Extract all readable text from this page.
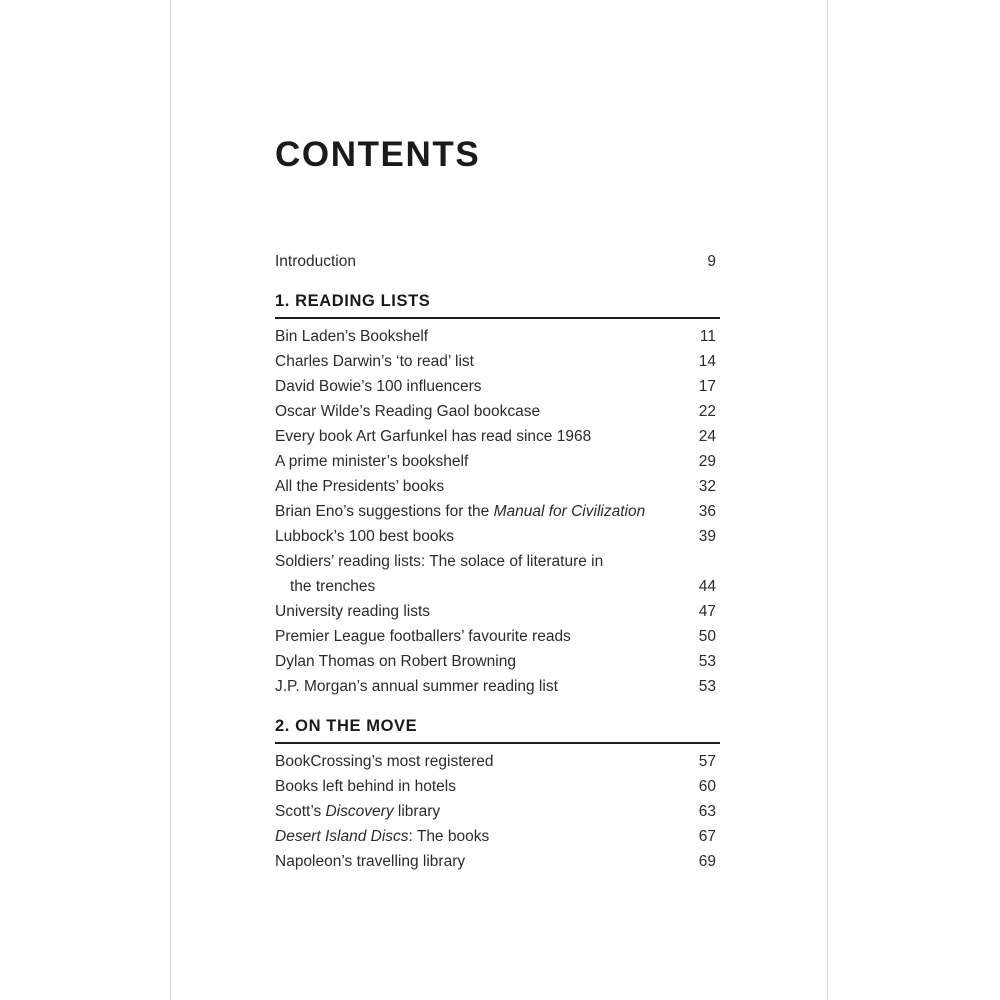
CONTENTS
Introduction	9
1. READING LISTS
Bin Laden’s Bookshelf	11
Charles Darwin’s ‘to read’ list	14
David Bowie’s 100 influencers	17
Oscar Wilde’s Reading Gaol bookcase	22
Every book Art Garfunkel has read since 1968	24
A prime minister’s bookshelf	29
All the Presidents’ books	32
Brian Eno’s suggestions for the Manual for Civilization	36
Lubbock’s 100 best books	39
Soldiers’ reading lists: The solace of literature in
the trenches	44
University reading lists	47
Premier League footballers’ favourite reads	50
Dylan Thomas on Robert Browning	53
J.P. Morgan’s annual summer reading list	53
2. ON THE MOVE
BookCrossing’s most registered	57
Books left behind in hotels	60
Scott’s Discovery library	63
Desert Island Discs: The books	67
Napoleon’s travelling library	69
